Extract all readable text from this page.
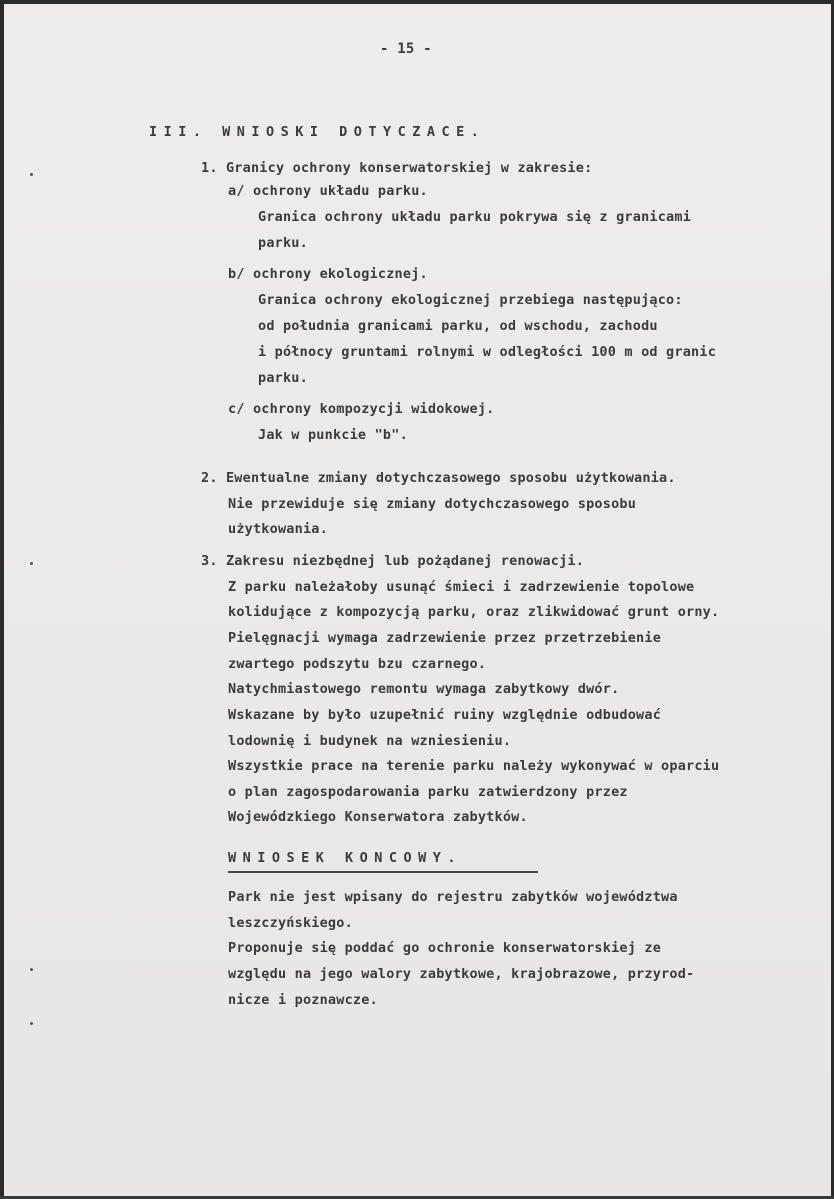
- 15 -
III. WNIOSKI DOTYCZACE.
1. Granicy ochrony konserwatorskiej w zakresie:
a/ ochrony układu parku.
Granica ochrony układu parku pokrywa się z granicami
parku.
b/ ochrony ekologicznej.
Granica ochrony ekologicznej przebiega następująco:
od południa granicami parku, od wschodu, zachodu
i północy gruntami rolnymi w odległości 100 m od granic
parku.
c/ ochrony kompozycji widokowej.
Jak w punkcie "b".
2. Ewentualne zmiany dotychczasowego sposobu użytkowania.
Nie przewiduje się zmiany dotychczasowego sposobu
użytkowania.
3. Zakresu niezbędnej lub pożądanej renowacji.
Z parku należałoby usunąć śmieci i zadrzewienie topolowe
kolidujące z kompozycją parku, oraz zlikwidować grunt orny.
Pielęgnacji wymaga zadrzewienie przez przetrzebienie
zwartego podszytu bzu czarnego.
Natychmiastowego remontu wymaga zabytkowy dwór.
Wskazane by było uzupełnić ruiny względnie odbudować
lodownię i budynek na wzniesieniu.
Wszystkie prace na terenie parku należy wykonywać w oparciu
o plan zagospodarowania parku zatwierdzony przez
Wojewódzkiego Konserwatora zabytków.
WNIOSEK KONCOWY.
Park nie jest wpisany do rejestru zabytków województwa
leszczyńskiego.
Proponuje się poddać go ochronie konserwatorskiej ze
względu na jego walory zabytkowe, krajobrazowe, przyrod-
nicze i poznawcze.
